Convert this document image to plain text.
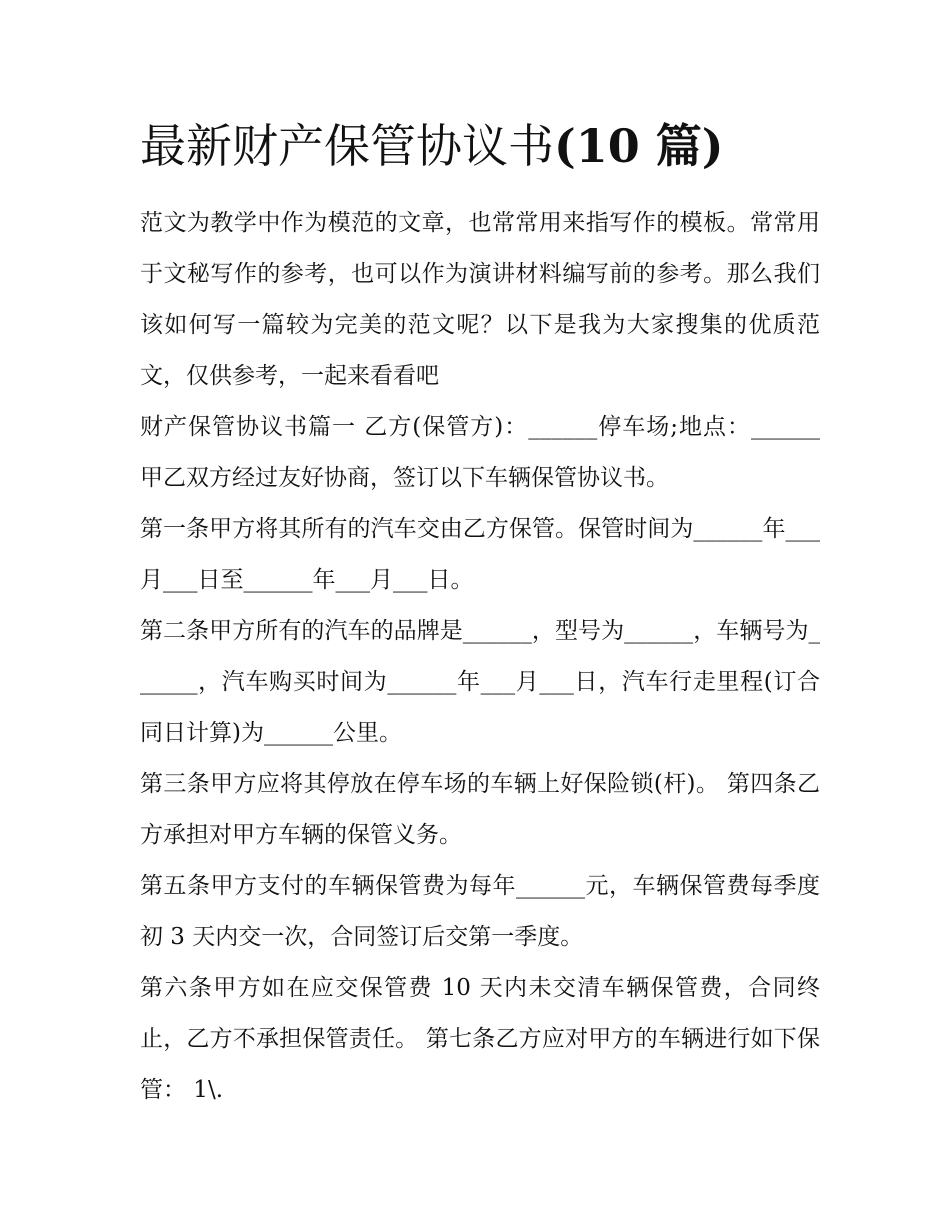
最新财产保管协议书(10 篇)

范文为教学中作为模范的文章，也常常用来指写作的模板。常常用于文秘写作的参考，也可以作为演讲材料编写前的参考。那么我们该如何写一篇较为完美的范文呢？以下是我为大家搜集的优质范文，仅供参考，一起来看看吧

财产保管协议书篇一 乙方(保管方)：______停车场;地点：______ 甲乙双方经过友好协商，签订以下车辆保管协议书。

第一条甲方将其所有的汽车交由乙方保管。保管时间为______年___月___日至______年___月___日。

第二条甲方所有的汽车的品牌是______，型号为______，车辆号为______，汽车购买时间为______年___月___日，汽车行走里程(订合同日计算)为______公里。

第三条甲方应将其停放在停车场的车辆上好保险锁(杆)。 第四条乙方承担对甲方车辆的保管义务。

第五条甲方支付的车辆保管费为每年______元，车辆保管费每季度初 3 天内交一次，合同签订后交第一季度。

第六条甲方如在应交保管费 10 天内未交清车辆保管费，合同终止，乙方不承担保管责任。 第七条乙方应对甲方的车辆进行如下保管： 1\.
